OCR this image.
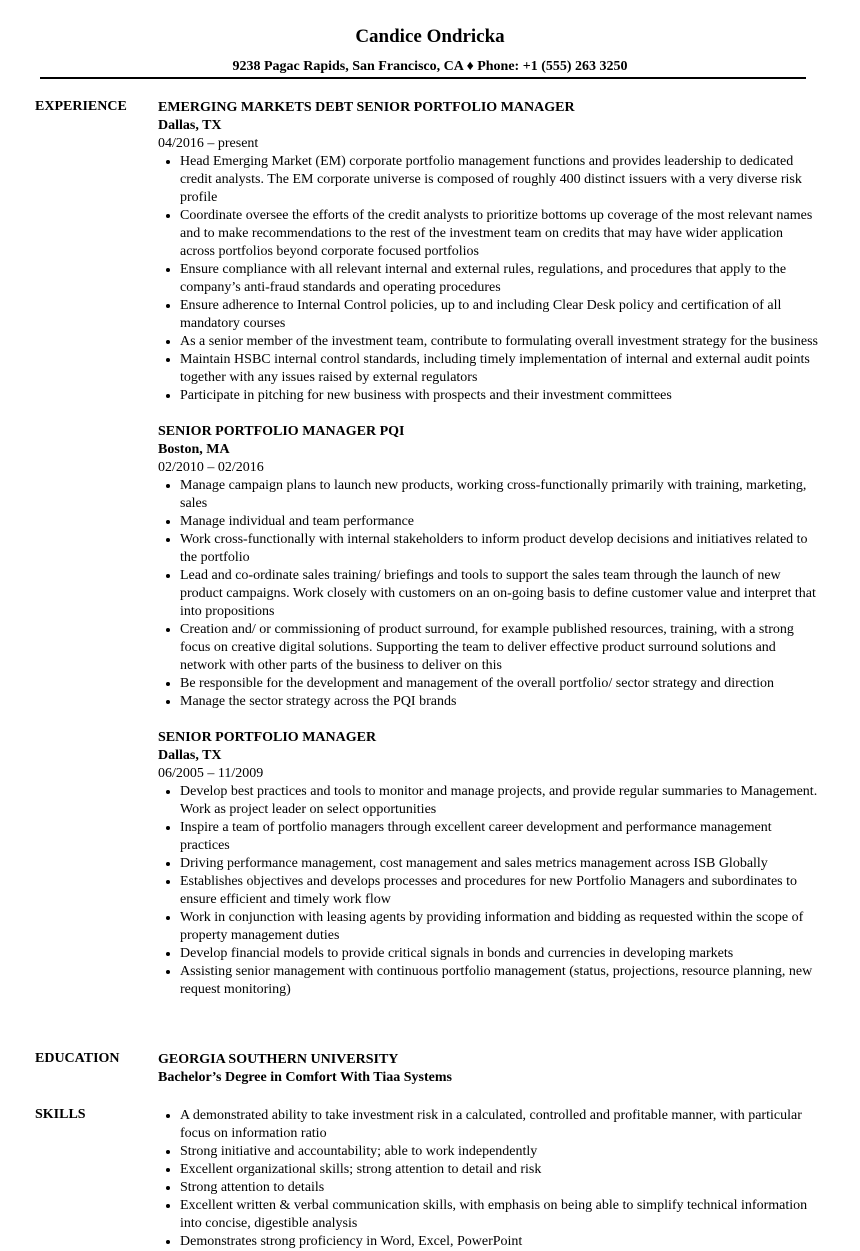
Candice Ondricka
9238 Pagac Rapids, San Francisco, CA ♦ Phone: +1 (555) 263 3250
EXPERIENCE EMERGING MARKETS DEBT SENIOR PORTFOLIO MANAGER
Dallas, TX
04/2016 – present
• Head Emerging Market (EM) corporate portfolio management functions and provides leadership to dedicated credit analysts. The EM corporate universe is composed of roughly 400 distinct issuers with a very diverse risk profile
• Coordinate oversee the efforts of the credit analysts to prioritize bottoms up coverage of the most relevant names and to make recommendations to the rest of the investment team on credits that may have wider application across portfolios beyond corporate focused portfolios
• Ensure compliance with all relevant internal and external rules, regulations, and procedures that apply to the company’s anti-fraud standards and operating procedures
• Ensure adherence to Internal Control policies, up to and including Clear Desk policy and certification of all mandatory courses
• As a senior member of the investment team, contribute to formulating overall investment strategy for the business
• Maintain HSBC internal control standards, including timely implementation of internal and external audit points together with any issues raised by external regulators
• Participate in pitching for new business with prospects and their investment committees
SENIOR PORTFOLIO MANAGER PQI
Boston, MA
02/2010 – 02/2016
• Manage campaign plans to launch new products, working cross-functionally primarily with training, marketing, sales
• Manage individual and team performance
• Work cross-functionally with internal stakeholders to inform product develop decisions and initiatives related to the portfolio
• Lead and co-ordinate sales training/ briefings and tools to support the sales team through the launch of new product campaigns. Work closely with customers on an on-going basis to define customer value and interpret that into propositions
• Creation and/ or commissioning of product surround, for example published resources, training, with a strong focus on creative digital solutions. Supporting the team to deliver effective product surround solutions and network with other parts of the business to deliver on this
• Be responsible for the development and management of the overall portfolio/ sector strategy and direction
• Manage the sector strategy across the PQI brands
SENIOR PORTFOLIO MANAGER
Dallas, TX
06/2005 – 11/2009
• Develop best practices and tools to monitor and manage projects, and provide regular summaries to Management. Work as project leader on select opportunities
• Inspire a team of portfolio managers through excellent career development and performance management practices
• Driving performance management, cost management and sales metrics management across ISB Globally
• Establishes objectives and develops processes and procedures for new Portfolio Managers and subordinates to ensure efficient and timely work flow
• Work in conjunction with leasing agents by providing information and bidding as requested within the scope of property management duties
• Develop financial models to provide critical signals in bonds and currencies in developing markets
• Assisting senior management with continuous portfolio management (status, projections, resource planning, new request monitoring)
EDUCATION	GEORGIA SOUTHERN UNIVERSITY
Bachelor’s Degree in Comfort With Tiaa Systems
SKILLS
•	A demonstrated ability to take investment risk in a calculated, controlled and profitable manner, with particular focus on information ratio
• Strong initiative and accountability; able to work independently
• Excellent organizational skills; strong attention to detail and risk
• Strong attention to details
• Excellent written & verbal communication skills, with emphasis on being able to simplify technical information into concise, digestible analysis
• Demonstrates strong proficiency in Word, Excel, PowerPoint
